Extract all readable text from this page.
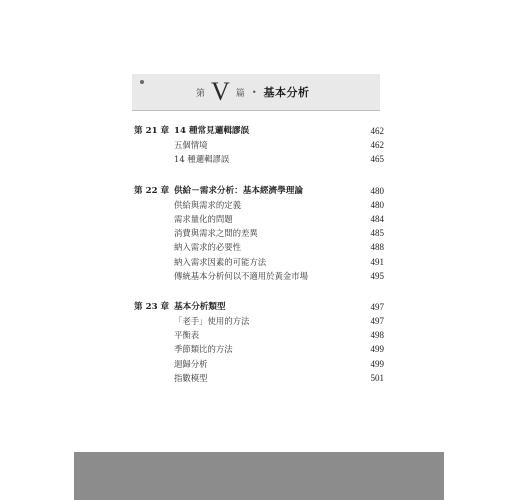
第 V 篇 • 基本分析
第 21 章 14 種常見邏輯謬誤	462
五個情境	462
14 種邏輯謬誤	465
第 22 章 供給－需求分析：基本經濟學理論	480
供給與需求的定義	480
需求量化的問題	484
消費與需求之間的差異	485
納入需求的必要性	488
納入需求因素的可能方法	491
傳統基本分析何以不適用於黃金市場	495
第 23 章 基本分析類型	497
「老手」使用的方法	497
平衡表	498
季節類比的方法	499
迴歸分析	499
指數模型	501
